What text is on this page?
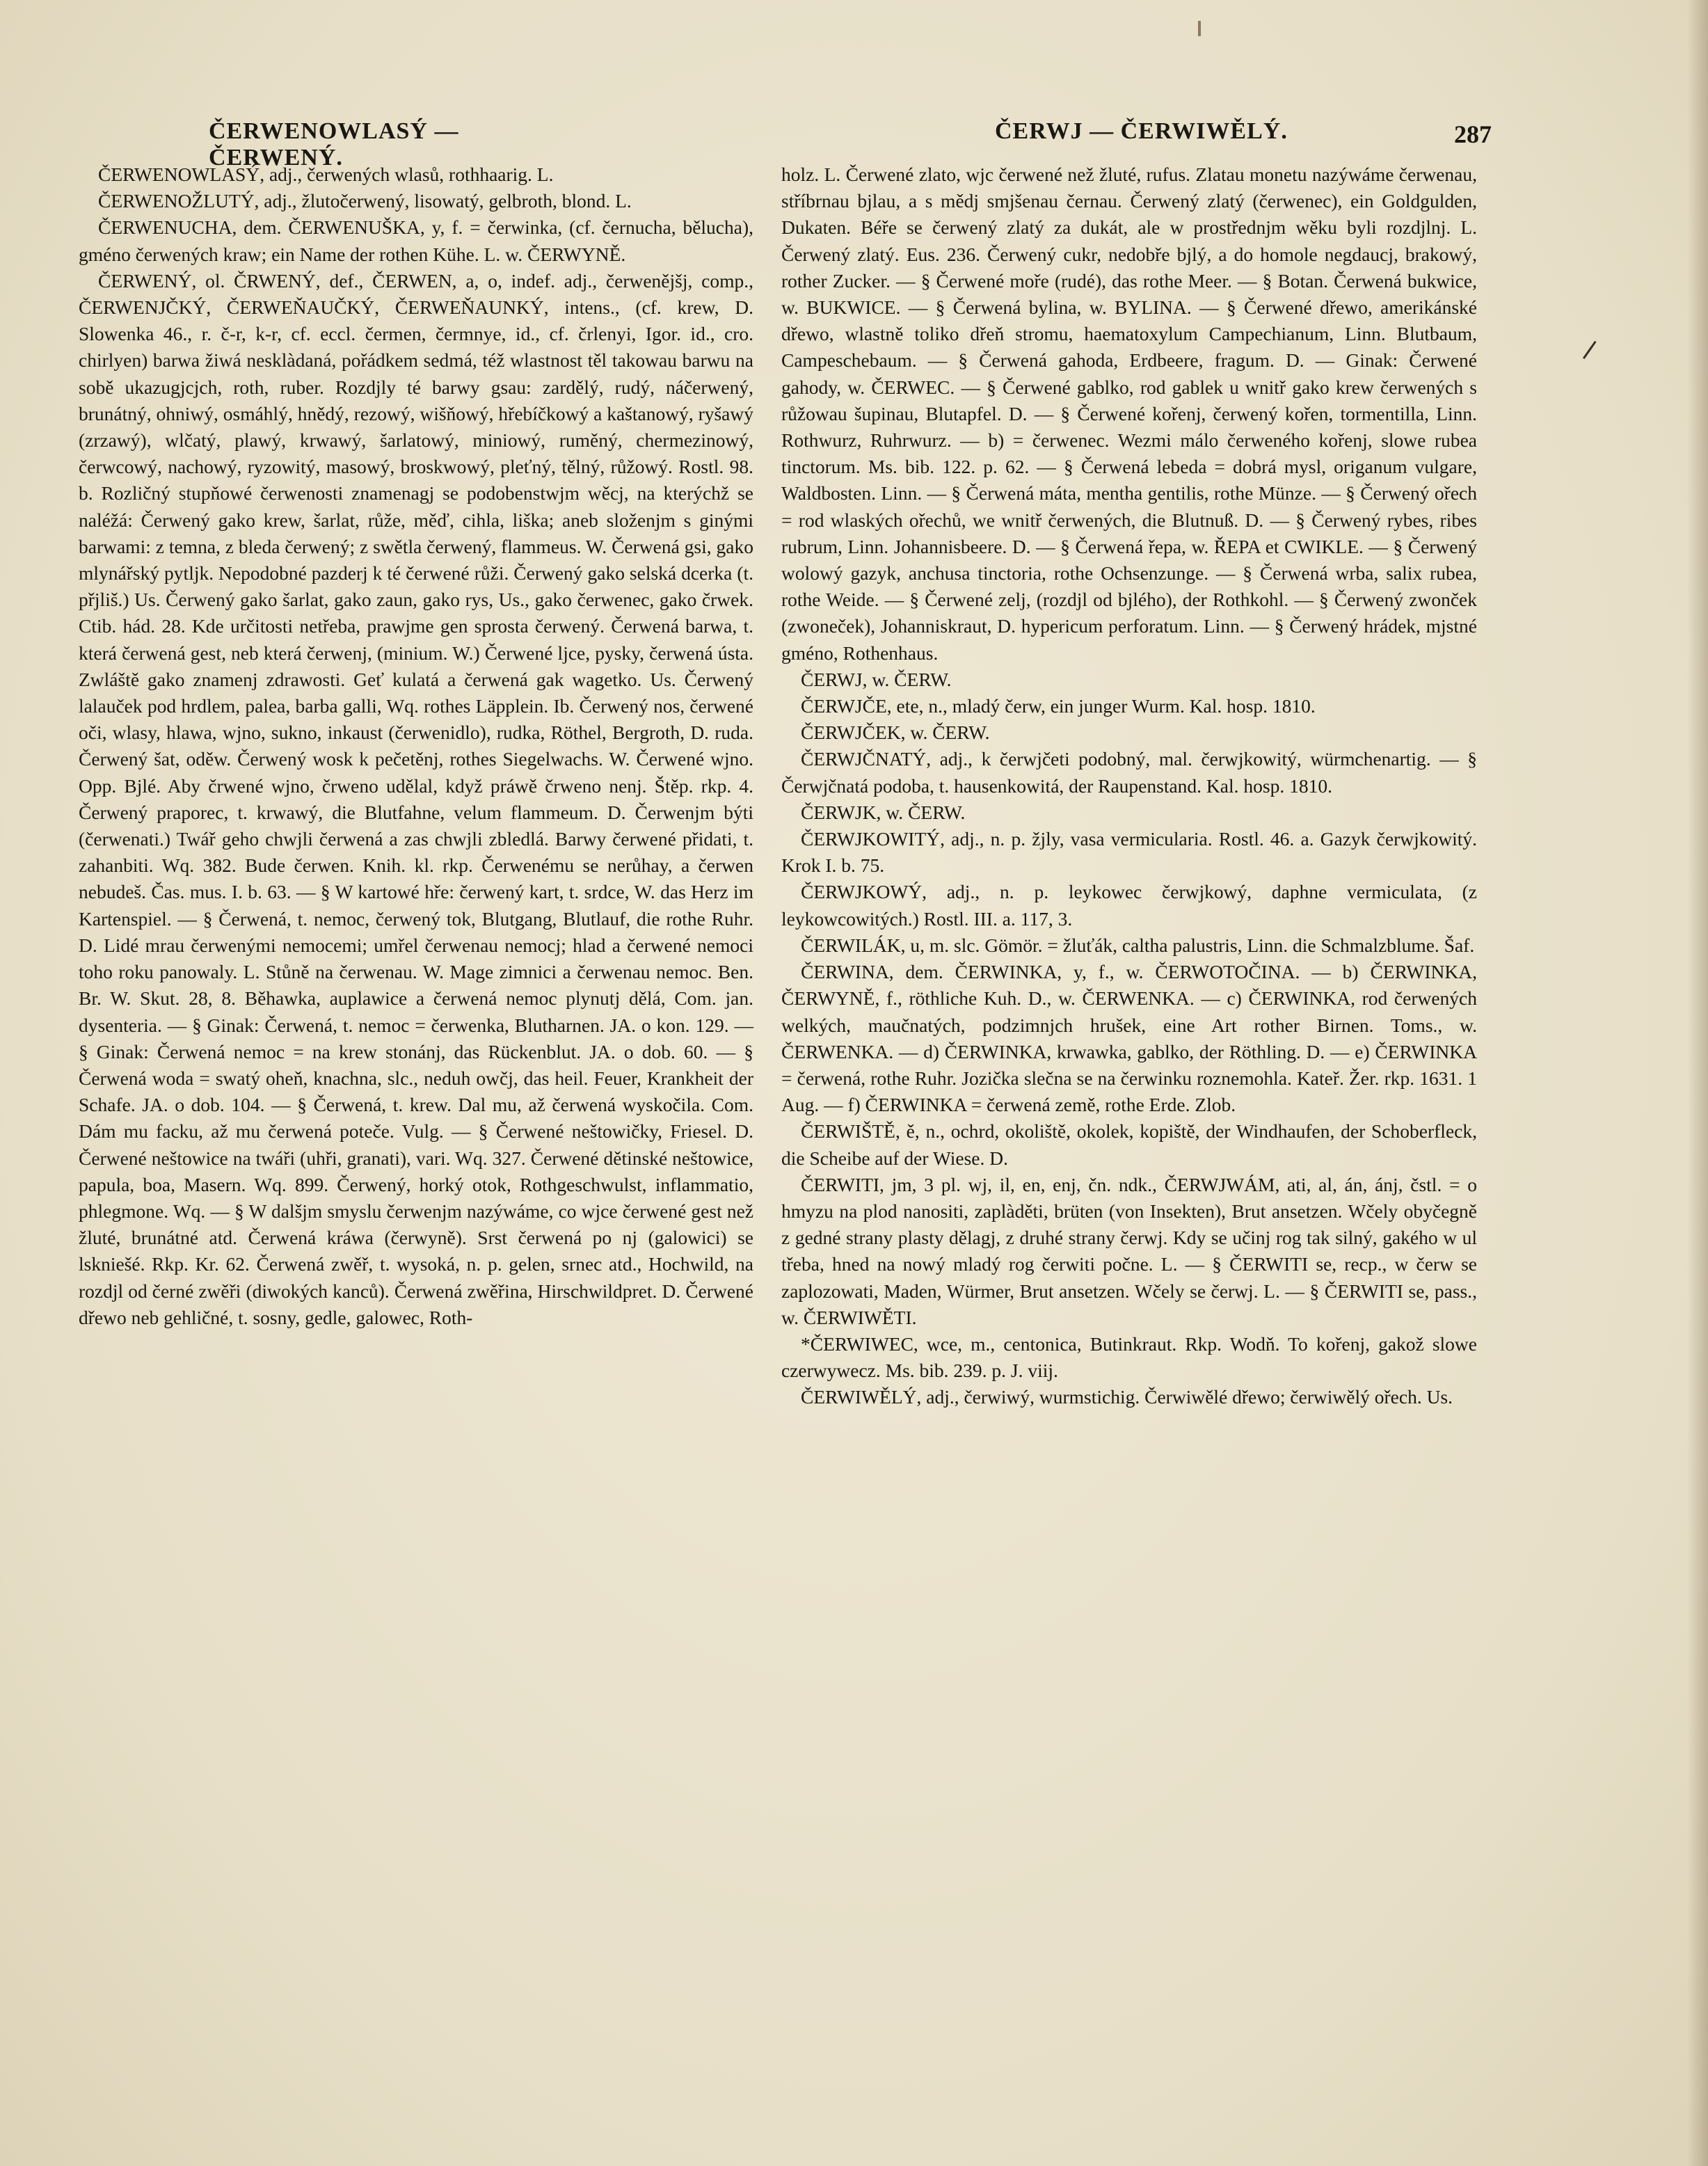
ČERWENOWLASÝ — ČERWENÝ.
ČERWJ — ČERWIWĚLÝ.	287

ČERWENOWLASÝ, adj., čerwených wlasů, rothhaarig. L.

ČERWENOŽLUTÝ, adj., žlutočerwený, lisowatý, gelbroth, blond. L.

ČERWENUCHA, dem. ČERWENUŠKA, y, f. = čerwinka, (cf. černucha, bělucha), gméno čerwených kraw; ein Name der rothen Kühe. L. w. ČERWYNĚ.

ČERWENÝ, ol. ČRWENÝ, def., ČERWEN, a, o, indef. adj., čerwenějšj, comp., ČERWENJČKÝ, ČERWEŇAUČKÝ, ČERWEŇAUNKÝ, intens., (cf. krew, D. Slowenka 46., r. č-r, k-r, cf. eccl. čermen, čermnye, id., cf. črlenyi, Igor. id., cro. chirlyen) barwa žiwá nesklàdaná, pořádkem sedmá, též wlastnost těl takowau barwu na sobě ukazugjcjch, roth, ruber. Rozdjly té barwy gsau: zardělý, rudý, náčerwený, brunátný, ohniwý, osmáhlý, hnědý, rezowý, wišňowý, hřebíčkowý a kaštanowý, ryšawý (zrzawý), wlčatý, plawý, krwawý, šarlatowý, miniowý, ruměný, chermezinowý, čerwcowý, nachowý, ryzowitý, masowý, broskwowý, pleťný, tělný, růžowý. Rostl. 98. b. Rozličný stupňowé čerwenosti znamenagj se podobenstwjm wěcj, na kterýchž se naléžá: Čerwený gako krew, šarlat, růže, měď, cihla, liška; aneb složenjm s ginými barwami: z temna, z bleda čerwený; z swětla čerwený, flammeus. W. Čerwená gsi, gako mlynářský pytljk. Nepodobné pazderj k té čerwené růži. Čerwený gako selská dcerka (t. přjliš.) Us. Čerwený gako šarlat, gako zaun, gako rys, Us., gako čerwenec, gako črwek. Ctib. hád. 28. Kde určitosti netřeba, prawjme gen sprosta čerwený. Čerwená barwa, t. která čerwená gest, neb která čerwenj, (minium. W.) Čerwené ljce, pysky, čerwená ústa. Zwláště gako znamenj zdrawosti. Geť kulatá a čerwená gak wagetko. Us. Čerwený lalauček pod hrdlem, palea, barba galli, Wq. rothes Läpplein. Ib. Čerwený nos, čerwené oči, wlasy, hlawa, wjno, sukno, inkaust (čerwenidlo), rudka, Röthel, Bergroth, D. ruda. Čerwený šat, oděw. Čerwený wosk k pečetěnj, rothes Siegelwachs. W. Čerwené wjno. Opp. Bjlé. Aby črwené wjno, črweno udělal, když práwě črweno nenj. Štěp. rkp. 4. Čerwený praporec, t. krwawý, die Blutfahne, velum flammeum. D. Čerwenjm býti (čerwenati.) Twář geho chwjli čerwená a zas chwjli zbledlá. Barwy čerwené přidati, t. zahanbiti. Wq. 382. Bude čerwen. Knih. kl. rkp. Čerwenému se nerůhay, a čerwen nebudeš. Čas. mus. I. b. 63. — § W kartowé hře: čerwený kart, t. srdce, W. das Herz im Kartenspiel. — § Čerwená, t. nemoc, čerwený tok, Blutgang, Blutlauf, die rothe Ruhr. D. Lidé mrau čerwenými nemocemi; umřel čerwenau nemocj; hlad a čerwené nemoci toho roku panowaly. L. Stůně na čerwenau. W. Mage zimnici a čerwenau nemoc. Ben. Br. W. Skut. 28, 8. Běhawka, auplawice a čerwená nemoc plynutj dělá, Com. jan. dysenteria. — § Ginak: Čerwená, t. nemoc = čerwenka, Blutharnen. JA. o kon. 129. — § Ginak: Čerwená nemoc = na krew stonánj, das Rückenblut. JA. o dob. 60. — § Čerwená woda = swatý oheň, knachna, slc., neduh owčj, das heil. Feuer, Krankheit der Schafe. JA. o dob. 104. — § Čerwená, t. krew. Dal mu, až čerwená wyskočila. Com. Dám mu facku, až mu čerwená poteče. Vulg. — § Čerwené neštowičky, Friesel. D. Čerwené neštowice na twáři (uhři, granati), vari. Wq. 327. Čerwené dětinské neštowice, papula, boa, Masern. Wq. 899. Čerwený, horký otok, Rothgeschwulst, inflammatio, phlegmone. Wq. — § W dalšjm smyslu čerwenjm nazýwáme, co wjce čerwené gest než žluté, brunátné atd. Čerwená kráwa (čerwyně). Srst čerwená po nj (galowici) se lskniešé. Rkp. Kr. 62. Čerwená zwěř, t. wysoká, n. p. gelen, srnec atd., Hochwild, na rozdjl od černé zwěři (diwokých kanců). Čerwená zwěřina, Hirschwildpret. D. Čerwené dřewo neb gehličné, t. sosny, gedle, galowec, Roth-

holz. L. Čerwené zlato, wjc čerwené než žluté, rufus. Zlatau monetu nazýwáme čerwenau, stříbrnau bjlau, a s mědj smjšenau černau. Čerwený zlatý (čerwenec), ein Goldgulden, Dukaten. Béře se čerwený zlatý za dukát, ale w prostřednjm wěku byli rozdjlnj. L. Čerwený zlatý. Eus. 236. Čerwený cukr, nedobře bjlý, a do homole negdaucj, brakowý, rother Zucker. — § Čerwené moře (rudé), das rothe Meer. — § Botan. Čerwená bukwice, w. BUKWICE. — § Čerwená bylina, w. BYLINA. — § Čerwené dřewo, amerikánské dřewo, wlastně toliko dřeň stromu, haematoxylum Campechianum, Linn. Blutbaum, Campeschebaum. — § Čerwená gahoda, Erdbeere, fragum. D. — Ginak: Čerwené gahody, w. ČERWEC. — § Čerwené gablko, rod gablek u wnitř gako krew čerwených s růžowau šupinau, Blutapfel. D. — § Čerwené kořenj, čerwený kořen, tormentilla, Linn. Rothwurz, Ruhrwurz. — b) = čerwenec. Wezmi málo čerweného kořenj, slowe rubea tinctorum. Ms. bib. 122. p. 62. — § Čerwená lebeda = dobrá mysl, origanum vulgare, Waldbosten. Linn. — § Čerwená máta, mentha gentilis, rothe Münze. — § Čerwený ořech = rod wlaských ořechů, we wnitř čerwených, die Blutnuß. D. — § Čerwený rybes, ribes rubrum, Linn. Johannisbeere. D. — § Čerwená řepa, w. ŘEPA et CWIKLE. — § Čerwený wolowý gazyk, anchusa tinctoria, rothe Ochsenzunge. — § Čerwená wrba, salix rubea, rothe Weide. — § Čerwené zelj, (rozdjl od bjlého), der Rothkohl. — § Čerwený zwonček (zwoneček), Johanniskraut, D. hypericum perforatum. Linn. — § Čerwený hrádek, mjstné gméno, Rothenhaus.

ČERWJ, w. ČERW.

ČERWJČE, ete, n., mladý čerw, ein junger Wurm. Kal. hosp. 1810.

ČERWJČEK, w. ČERW.

ČERWJČNATÝ, adj., k čerwjčeti podobný, mal. čerwjkowitý, würmchenartig. — § Čerwjčnatá podoba, t. hausenkowitá, der Raupenstand. Kal. hosp. 1810.

ČERWJK, w. ČERW.

ČERWJKOWITÝ, adj., n. p. žjly, vasa vermicularia. Rostl. 46. a. Gazyk čerwjkowitý. Krok I. b. 75.

ČERWJKOWÝ, adj., n. p. leykowec čerwjkowý, daphne vermiculata, (z leykowcowitých.) Rostl. III. a. 117, 3.

ČERWILÁK, u, m. slc. Gömör. = žluťák, caltha palustris, Linn. die Schmalzblume. Šaf.

ČERWINA, dem. ČERWINKA, y, f., w. ČERWOTOČINA. — b) ČERWINKA, ČERWYNĚ, f., röthliche Kuh. D., w. ČERWENKA. — c) ČERWINKA, rod čerwených welkých, maučnatých, podzimnjch hrušek, eine Art rother Birnen. Toms., w. ČERWENKA. — d) ČERWINKA, krwawka, gablko, der Röthling. D. — e) ČERWINKA = čerwená, rothe Ruhr. Jozička slečna se na čerwinku roznemohla. Kateř. Žer. rkp. 1631. 1 Aug. — f) ČERWINKA = čerwená země, rothe Erde. Zlob.

ČERWIŠTĚ, ě, n., ochrd, okoliště, okolek, kopiště, der Windhaufen, der Schoberfleck, die Scheibe auf der Wiese. D.

ČERWITI, jm, 3 pl. wj, il, en, enj, čn. ndk., ČERWJWÁM, ati, al, án, ánj, čstl. = o hmyzu na plod nanositi, zaplàděti, brüten (von Insekten), Brut ansetzen. Wčely obyčegně z gedné strany plasty dělagj, z druhé strany čerwj. Kdy se učinj rog tak silný, gakého w ul třeba, hned na nowý mladý rog čerwiti počne. L. — § ČERWITI se, recp., w čerw se zaplozowati, Maden, Würmer, Brut ansetzen. Wčely se čerwj. L. — § ČERWITI se, pass., w. ČERWIWĚTI.

*ČERWIWEC, wce, m., centonica, Butinkraut. Rkp. Wodň. To kořenj, gakož slowe czerwywecz. Ms. bib. 239. p. J. viij.

ČERWIWĚLÝ, adj., čerwiwý, wurmstichig. Čerwiwělé dřewo; čerwiwělý ořech. Us.
